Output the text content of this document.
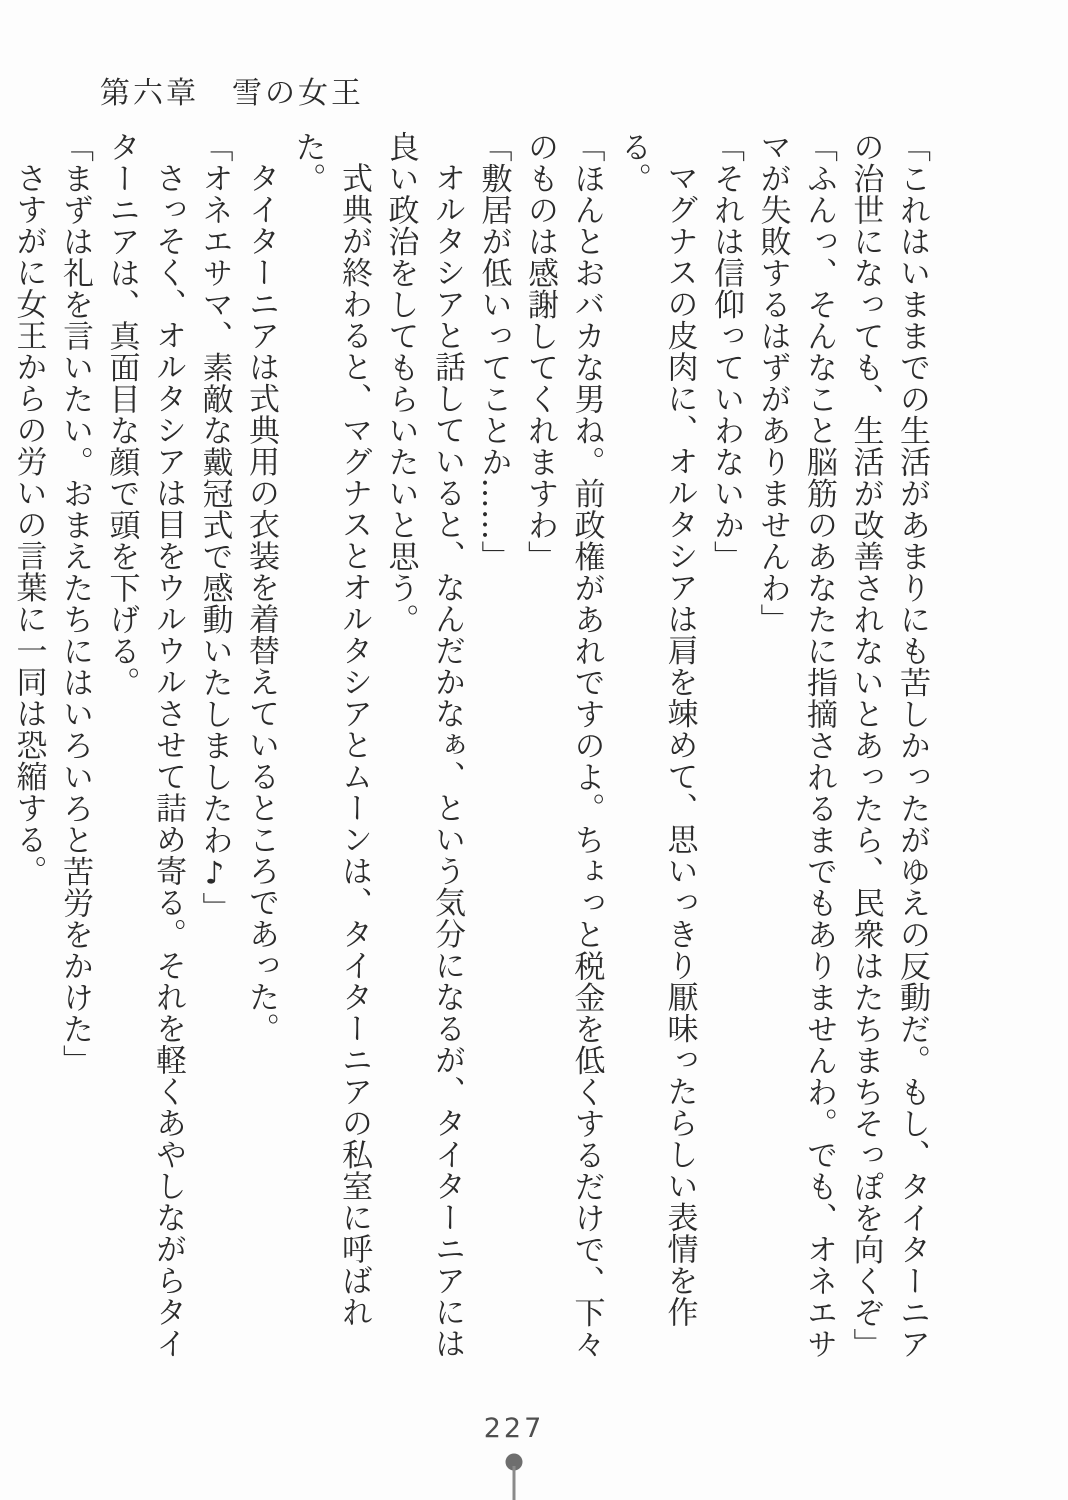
第六章　雪の女王

「これはいままでの生活があまりにも苦しかったがゆえの反動だ。もし、タイターニアの治世になっても、生活が改善されないとあったら、民衆はたちまちそっぽを向くぞ」

「ふんっ、そんなこと脳筋のあなたに指摘されるまでもありませんわ。でも、オネエサマが失敗するはずがありませんわ」

「それは信仰っていわないか」

マグナスの皮肉に、オルタシアは肩を竦めて、思いっきり厭味ったらしい表情を作る。

「ほんとおバカな男ね。前政権があれですのよ。ちょっと税金を低くするだけで、下々のものは感謝してくれますわ」

「敷居が低いってことか……」

オルタシアと話していると、なんだかなぁ、という気分になるが、タイターニアには良い政治をしてもらいたいと思う。

式典が終わると、マグナスとオルタシアとムーンは、タイターニアの私室に呼ばれた。

タイターニアは式典用の衣装を着替えているところであった。

「オネエサマ、素敵な戴冠式で感動いたしましたわ♪」

さっそく、オルタシアは目をウルウルさせて詰め寄る。それを軽くあやしながらタイターニアは、真面目な顔で頭を下げる。

「まずは礼を言いたい。おまえたちにはいろいろと苦労をかけた」

さすがに女王からの労いの言葉に一同は恐縮する。

227
